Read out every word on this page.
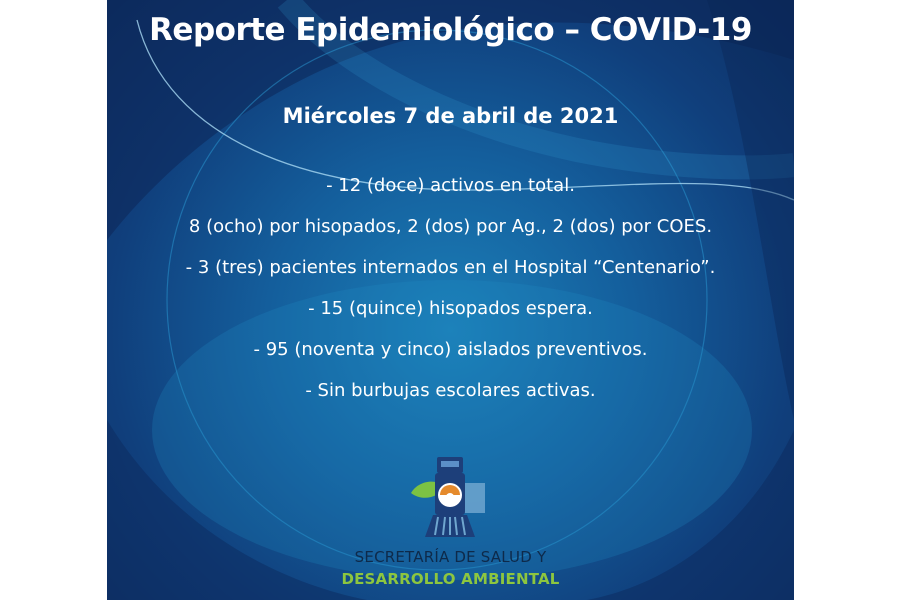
Reporte Epidemiológico – COVID-19
Miércoles 7 de abril de 2021
- 12 (doce) activos en total.
8 (ocho) por hisopados, 2 (dos) por Ag., 2 (dos) por COES.
- 3 (tres) pacientes internados en el Hospital “Centenario”.
- 15 (quince) hisopados espera.
- 95 (noventa y cinco) aislados preventivos.
- Sin burbujas escolares activas.
SECRETARÍA DE SALUD Y
DESARROLLO AMBIENTAL
